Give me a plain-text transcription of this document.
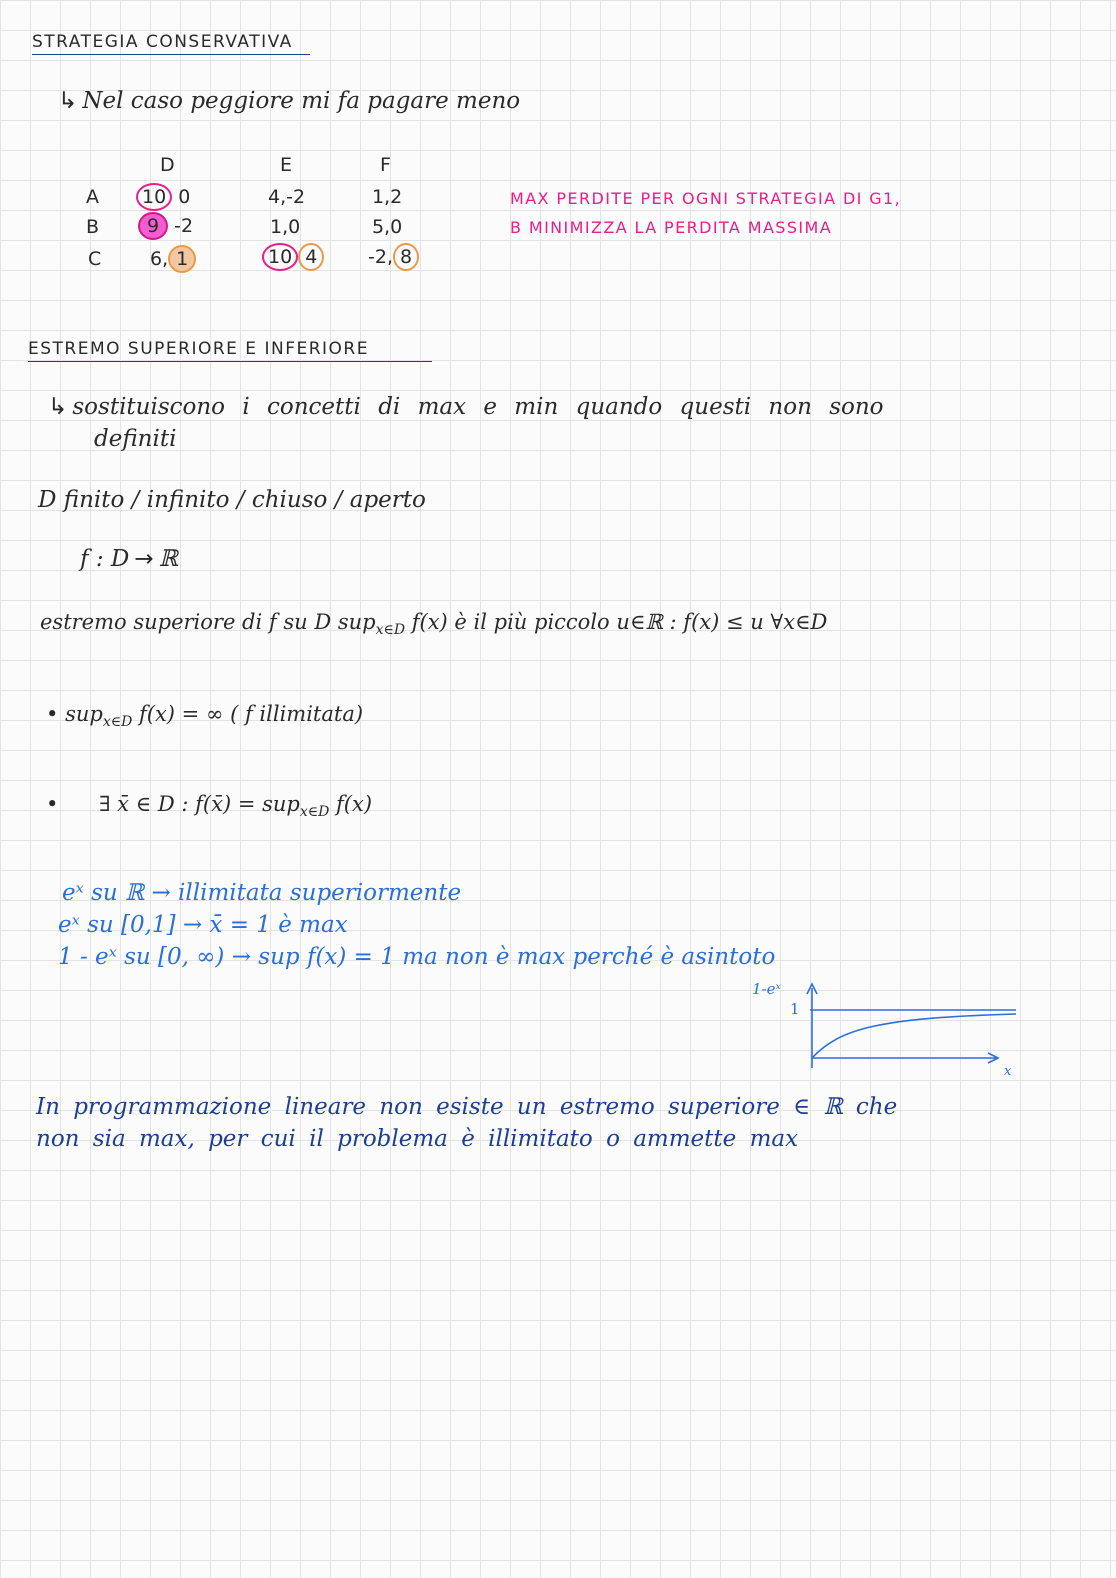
STRATEGIA CONSERVATIVA
↳ Nel caso peggiore mi fa pagare meno
D	E	F
A	10 0	4,-2	1,2
B	9 -2	1,0	5,0
C	6, 1	10 4	-2, 8
MAX PERDITE PER OGNI STRATEGIA DI G1,
B MINIMIZZA LA PERDITA MASSIMA
ESTREMO SUPERIORE E INFERIORE
↳ sostituiscono i concetti di max e min quando questi non sono
definiti
D finito / infinito / chiuso / aperto
f : D → ℝ
estremo superiore di f su D sup$_{x\in D}$ f(x) è il più piccolo u∈ℝ : f(x) ≤ u ∀x∈D
• sup$_{x\in D}$ f(x) = ∞ ( f illimitata)
• ∃ x̄ ∈ D : f(x̄) = sup$_{x\in D}$ f(x)
eˣ su ℝ → illimitata superiormente
eˣ su [0,1] → x̄ = 1 è max
1 - eˣ su [0, ∞) → sup f(x) = 1 ma non è max perché è asintoto
1-eˣ
1
x
In programmazione lineare non esiste un estremo superiore ∈ ℝ che
non sia max, per cui il problema è illimitato o ammette max
